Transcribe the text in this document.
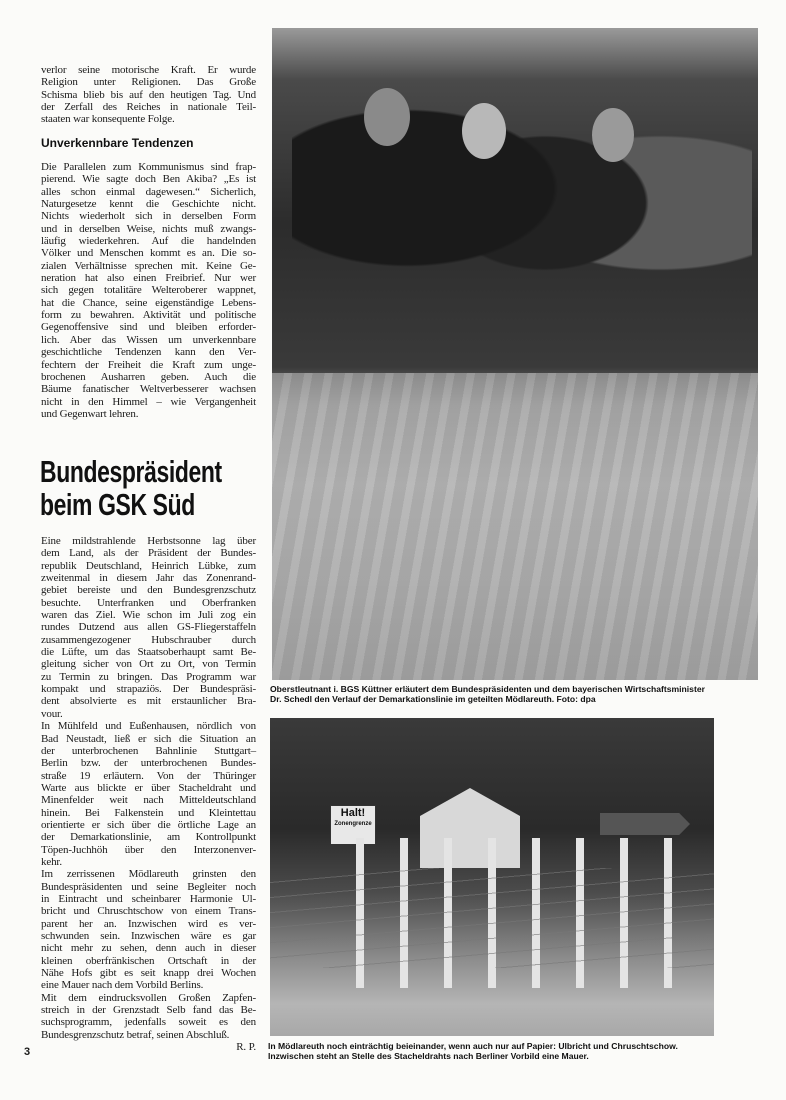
verlor seine motorische Kraft. Er wurde
Religion unter Religionen. Das Große
Schisma blieb bis auf den heutigen Tag. Und
der Zerfall des Reiches in nationale Teil-
staaten war konsequente Folge.
Unverkennbare Tendenzen
Die Parallelen zum Kommunismus sind frap-
pierend. Wie sagte doch Ben Akiba? „Es ist
alles schon einmal dagewesen.“ Sicherlich,
Naturgesetze kennt die Geschichte nicht.
Nichts wiederholt sich in derselben Form
und in derselben Weise, nichts muß zwangs-
läufig wiederkehren. Auf die handelnden
Völker und Menschen kommt es an. Die so-
zialen Verhältnisse sprechen mit. Keine Ge-
neration hat also einen Freibrief. Nur wer
sich gegen totalitäre Welteroberer wappnet,
hat die Chance, seine eigenständige Lebens-
form zu bewahren. Aktivität und politische
Gegenoffensive sind und bleiben erforder-
lich. Aber das Wissen um unverkennbare
geschichtliche Tendenzen kann den Ver-
fechtern der Freiheit die Kraft zum unge-
brochenen Ausharren geben. Auch die
Bäume fanatischer Weltverbesserer wachsen
nicht in den Himmel – wie Vergangenheit
und Gegenwart lehren.
Bundespräsident
beim GSK Süd
Eine mildstrahlende Herbstsonne lag über
dem Land, als der Präsident der Bundes-
republik Deutschland, Heinrich Lübke, zum
zweitenmal in diesem Jahr das Zonenrand-
gebiet bereiste und den Bundesgrenzschutz
besuchte. Unterfranken und Oberfranken
waren das Ziel. Wie schon im Juli zog ein
rundes Dutzend aus allen GS-Fliegerstaffeln
zusammengezogener Hubschrauber durch
die Lüfte, um das Staatsoberhaupt samt Be-
gleitung sicher von Ort zu Ort, von Termin
zu Termin zu bringen. Das Programm war
kompakt und strapaziös. Der Bundespräsi-
dent absolvierte es mit erstaunlicher Bra-
vour.
In Mühlfeld und Eußenhausen, nördlich von
Bad Neustadt, ließ er sich die Situation an
der unterbrochenen Bahnlinie Stuttgart–
Berlin bzw. der unterbrochenen Bundes-
straße 19 erläutern. Von der Thüringer
Warte aus blickte er über Stacheldraht und
Minenfelder weit nach Mitteldeutschland
hinein. Bei Falkenstein und Kleintettau
orientierte er sich über die örtliche Lage an
der Demarkationslinie, am Kontrollpunkt
Töpen-Juchhöh über den Interzonenver-
kehr.
Im zerrissenen Mödlareuth grinsten den
Bundespräsidenten und seine Begleiter noch
in Eintracht und scheinbarer Harmonie Ul-
bricht und Chruschtschow von einem Trans-
parent her an. Inzwischen wird es ver-
schwunden sein. Inzwischen wäre es gar
nicht mehr zu sehen, denn auch in dieser
kleinen oberfränkischen Ortschaft in der
Nähe Hofs gibt es seit knapp drei Wochen
eine Mauer nach dem Vorbild Berlins.
Mit dem eindrucksvollen Großen Zapfen-
streich in der Grenzstadt Selb fand das Be-
suchsprogramm, jedenfalls soweit es den
Bundesgrenzschutz betraf, seinen Abschluß.
R. P.
3
Oberstleutnant i. BGS Küttner erläutert dem Bundespräsidenten und dem bayerischen Wirtschaftsminister
Dr. Schedl den Verlauf der Demarkationslinie im geteilten Mödlareuth. Foto: dpa
Halt!
Zonengrenze
In Mödlareuth noch einträchtig beieinander, wenn auch nur auf Papier: Ulbricht und Chruschtschow.
Inzwischen steht an Stelle des Stacheldrahts nach Berliner Vorbild eine Mauer.
